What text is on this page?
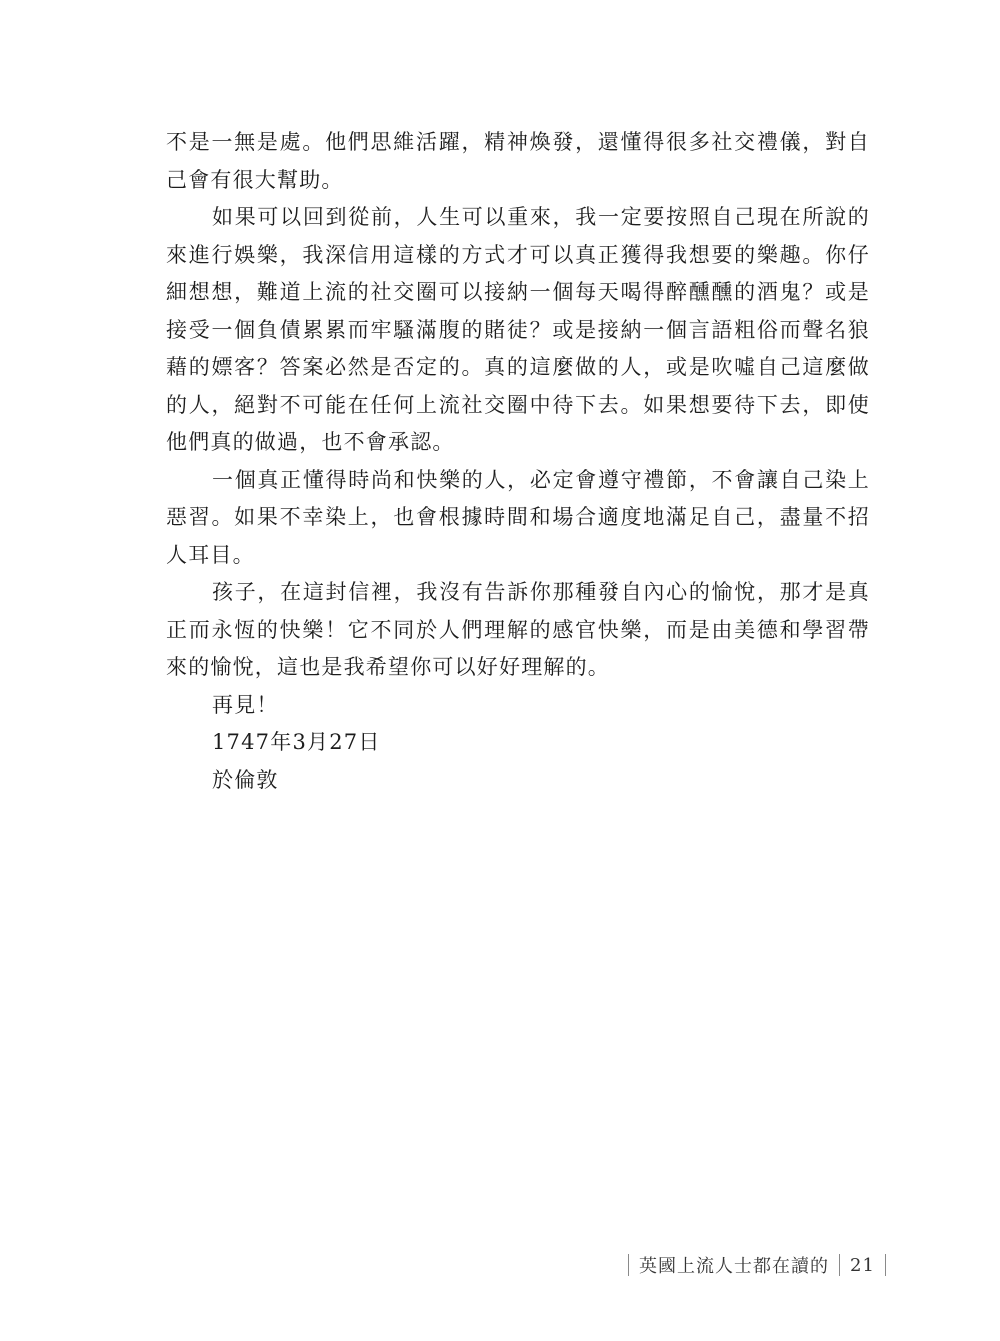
不是一無是處。他們思維活躍，精神煥發，還懂得很多社交禮儀，對自己會有很大幫助。

如果可以回到從前，人生可以重來，我一定要按照自己現在所說的來進行娛樂，我深信用這樣的方式才可以真正獲得我想要的樂趣。你仔細想想，難道上流的社交圈可以接納一個每天喝得醉醺醺的酒鬼？或是接受一個負債累累而牢騷滿腹的賭徒？或是接納一個言語粗俗而聲名狼藉的嫖客？答案必然是否定的。真的這麼做的人，或是吹噓自己這麼做的人，絕對不可能在任何上流社交圈中待下去。如果想要待下去，即使他們真的做過，也不會承認。

一個真正懂得時尚和快樂的人，必定會遵守禮節，不會讓自己染上惡習。如果不幸染上，也會根據時間和場合適度地滿足自己，盡量不招人耳目。

孩子，在這封信裡，我沒有告訴你那種發自內心的愉悅，那才是真正而永恆的快樂！它不同於人們理解的感官快樂，而是由美德和學習帶來的愉悅，這也是我希望你可以好好理解的。

再見！

1747年3月27日

於倫敦

英國上流人士都在讀的 21
